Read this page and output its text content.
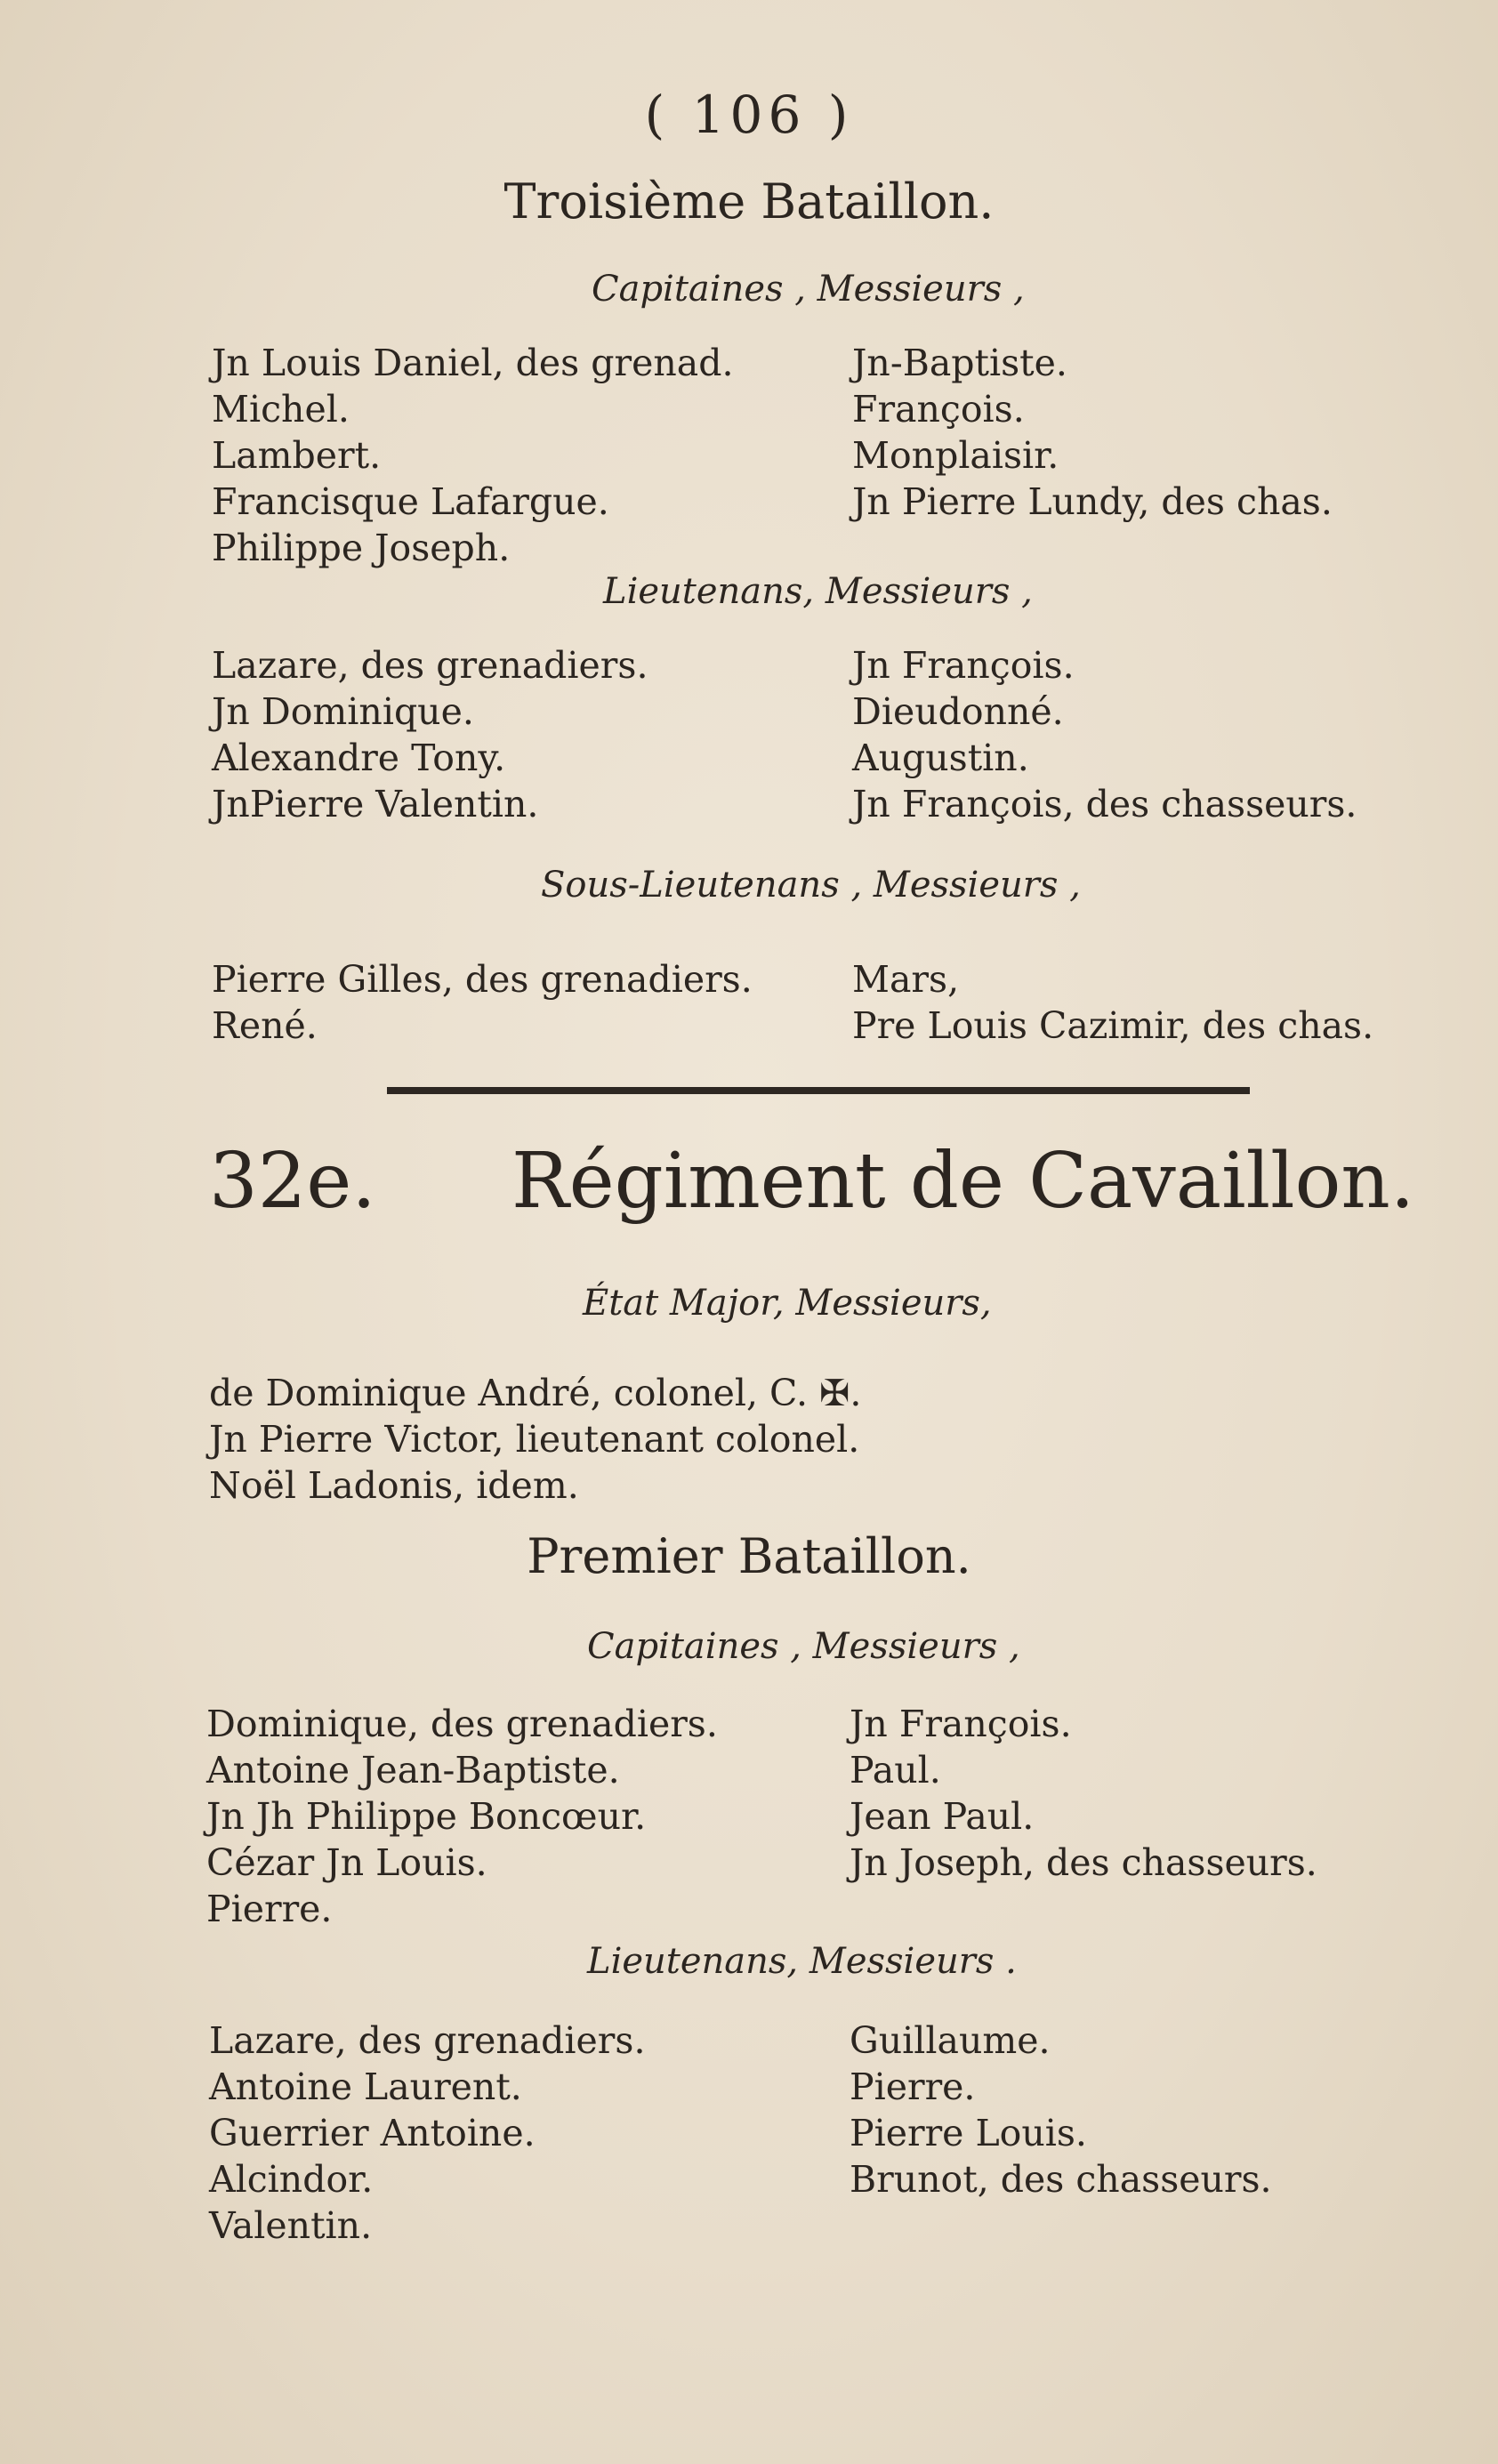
( 106 )
Troisième Bataillon.
Capitaines , Messieurs ,
Jn Louis Daniel, des grenad.
Michel.
Lambert.
Francisque Lafargue.
Philippe Joseph.
Jn-Baptiste.
François.
Monplaisir.
Jn Pierre Lundy, des chas.
Lieutenans, Messieurs ,
Lazare, des grenadiers.
Jn Dominique.
Alexandre Tony.
JnPierre Valentin.
Jn François.
Dieudonné.
Augustin.
Jn François, des chasseurs.
Sous-Lieutenans , Messieurs ,
Pierre Gilles, des grenadiers.
René.
Mars,
Pre Louis Cazimir, des chas.
32e. Régiment de Cavaillon.
État Major, Messieurs,
de Dominique André, colonel, C. ✠.
Jn Pierre Victor, lieutenant colonel.
Noël Ladonis, idem.
Premier Bataillon.
Capitaines , Messieurs ,
Dominique, des grenadiers.
Antoine Jean-Baptiste.
Jn Jh Philippe Boncœur.
Cézar Jn Louis.
Pierre.
Jn François.
Paul.
Jean Paul.
Jn Joseph, des chasseurs.
Lieutenans, Messieurs .
Lazare, des grenadiers.
Antoine Laurent.
Guerrier Antoine.
Alcindor.
Valentin.
Guillaume.
Pierre.
Pierre Louis.
Brunot, des chasseurs.
